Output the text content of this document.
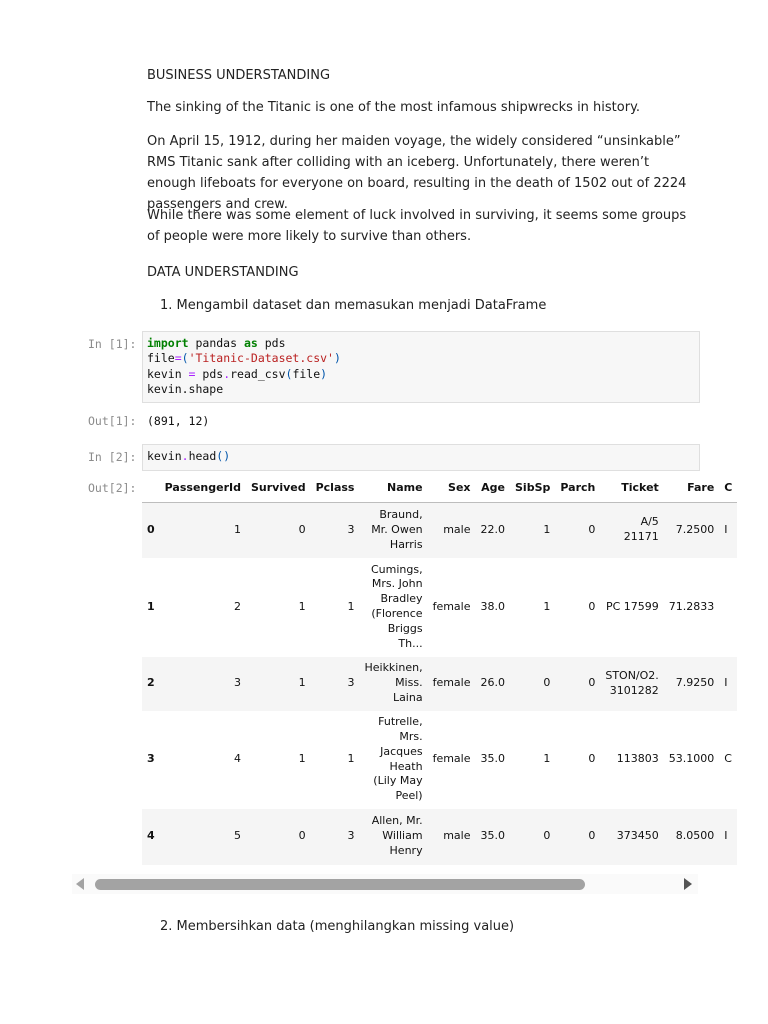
BUSINESS UNDERSTANDING

The sinking of the Titanic is one of the most infamous shipwrecks in history.

On April 15, 1912, during her maiden voyage, the widely considered “unsinkable” RMS Titanic sank after colliding with an iceberg. Unfortunately, there weren’t enough lifeboats for everyone on board, resulting in the death of 1502 out of 2224 passengers and crew.

While there was some element of luck involved in surviving, it seems some groups of people were more likely to survive than others.

DATA UNDERSTANDING

1. Mengambil dataset dan memasukan menjadi DataFrame

In [1]: import pandas as pds
file=('Titanic-Dataset.csv')
kevin = pds.read_csv(file)
kevin.shape
Out[1]: (891, 12)
In [2]: kevin.head()
Out[2]:
		PassengerId	Survived	Pclass	Name	Sex	Age	SibSp	Parch	Ticket	Fare	C
0	1	0	3	Braund, Mr. Owen Harris	male	22.0	1	0	A/5 21171	7.2500	I
1	2	1	1	Cumings, Mrs. John Bradley (Florence Briggs Th...	female	38.0	1	0	PC 17599	71.2833	
2	3	1	3	Heikkinen, Miss. Laina	female	26.0	0	0	STON/O2. 3101282	7.9250	I
3	4	1	1	Futrelle, Mrs. Jacques Heath (Lily May Peel)	female	35.0	1	0	113803	53.1000	C
4	5	0	3	Allen, Mr. William Henry	male	35.0	0	0	373450	8.0500	I

2. Membersihkan data (menghilangkan missing value)
